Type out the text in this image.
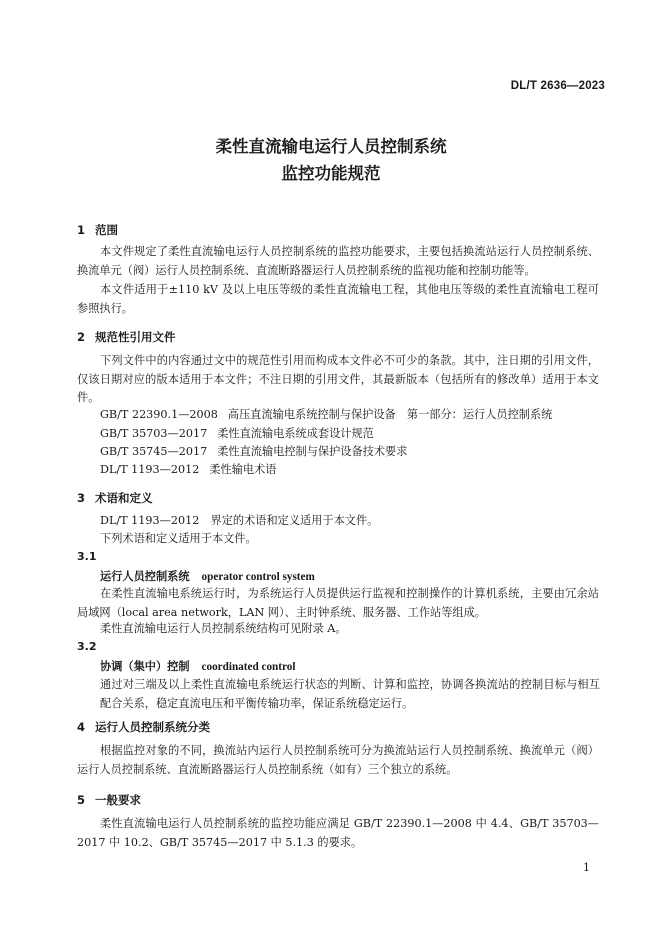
DL/T 2636—2023
柔性直流输电运行人员控制系统
监控功能规范
1 范围
本文件规定了柔性直流输电运行人员控制系统的监控功能要求，主要包括换流站运行人员控制系统、换流单元（阀）运行人员控制系统、直流断路器运行人员控制系统的监视功能和控制功能等。
本文件适用于±110 kV 及以上电压等级的柔性直流输电工程，其他电压等级的柔性直流输电工程可参照执行。
2 规范性引用文件
下列文件中的内容通过文中的规范性引用而构成本文件必不可少的条款。其中，注日期的引用文件，仅该日期对应的版本适用于本文件；不注日期的引用文件，其最新版本（包括所有的修改单）适用于本文件。
GB/T 22390.1—2008 高压直流输电系统控制与保护设备　第一部分：运行人员控制系统
GB/T 35703—2017 柔性直流输电系统成套设计规范
GB/T 35745—2017 柔性直流输电控制与保护设备技术要求
DL/T 1193—2012 柔性输电术语
3 术语和定义
DL/T 1193—2012　界定的术语和定义适用于本文件。
下列术语和定义适用于本文件。
3.1
运行人员控制系统 operator control system
在柔性直流输电系统运行时，为系统运行人员提供运行监视和控制操作的计算机系统，主要由冗余站局域网（local area network，LAN 网）、主时钟系统、服务器、工作站等组成。
柔性直流输电运行人员控制系统结构可见附录 A。
3.2
协调（集中）控制 coordinated control
通过对三端及以上柔性直流输电系统运行状态的判断、计算和监控，协调各换流站的控制目标与相互配合关系，稳定直流电压和平衡传输功率，保证系统稳定运行。
4 运行人员控制系统分类
根据监控对象的不同，换流站内运行人员控制系统可分为换流站运行人员控制系统、换流单元（阀）运行人员控制系统、直流断路器运行人员控制系统（如有）三个独立的系统。
5 一般要求
柔性直流输电运行人员控制系统的监控功能应满足 GB/T 22390.1—2008 中 4.4、GB/T 35703—2017 中 10.2、GB/T 35745—2017 中 5.1.3 的要求。
1
